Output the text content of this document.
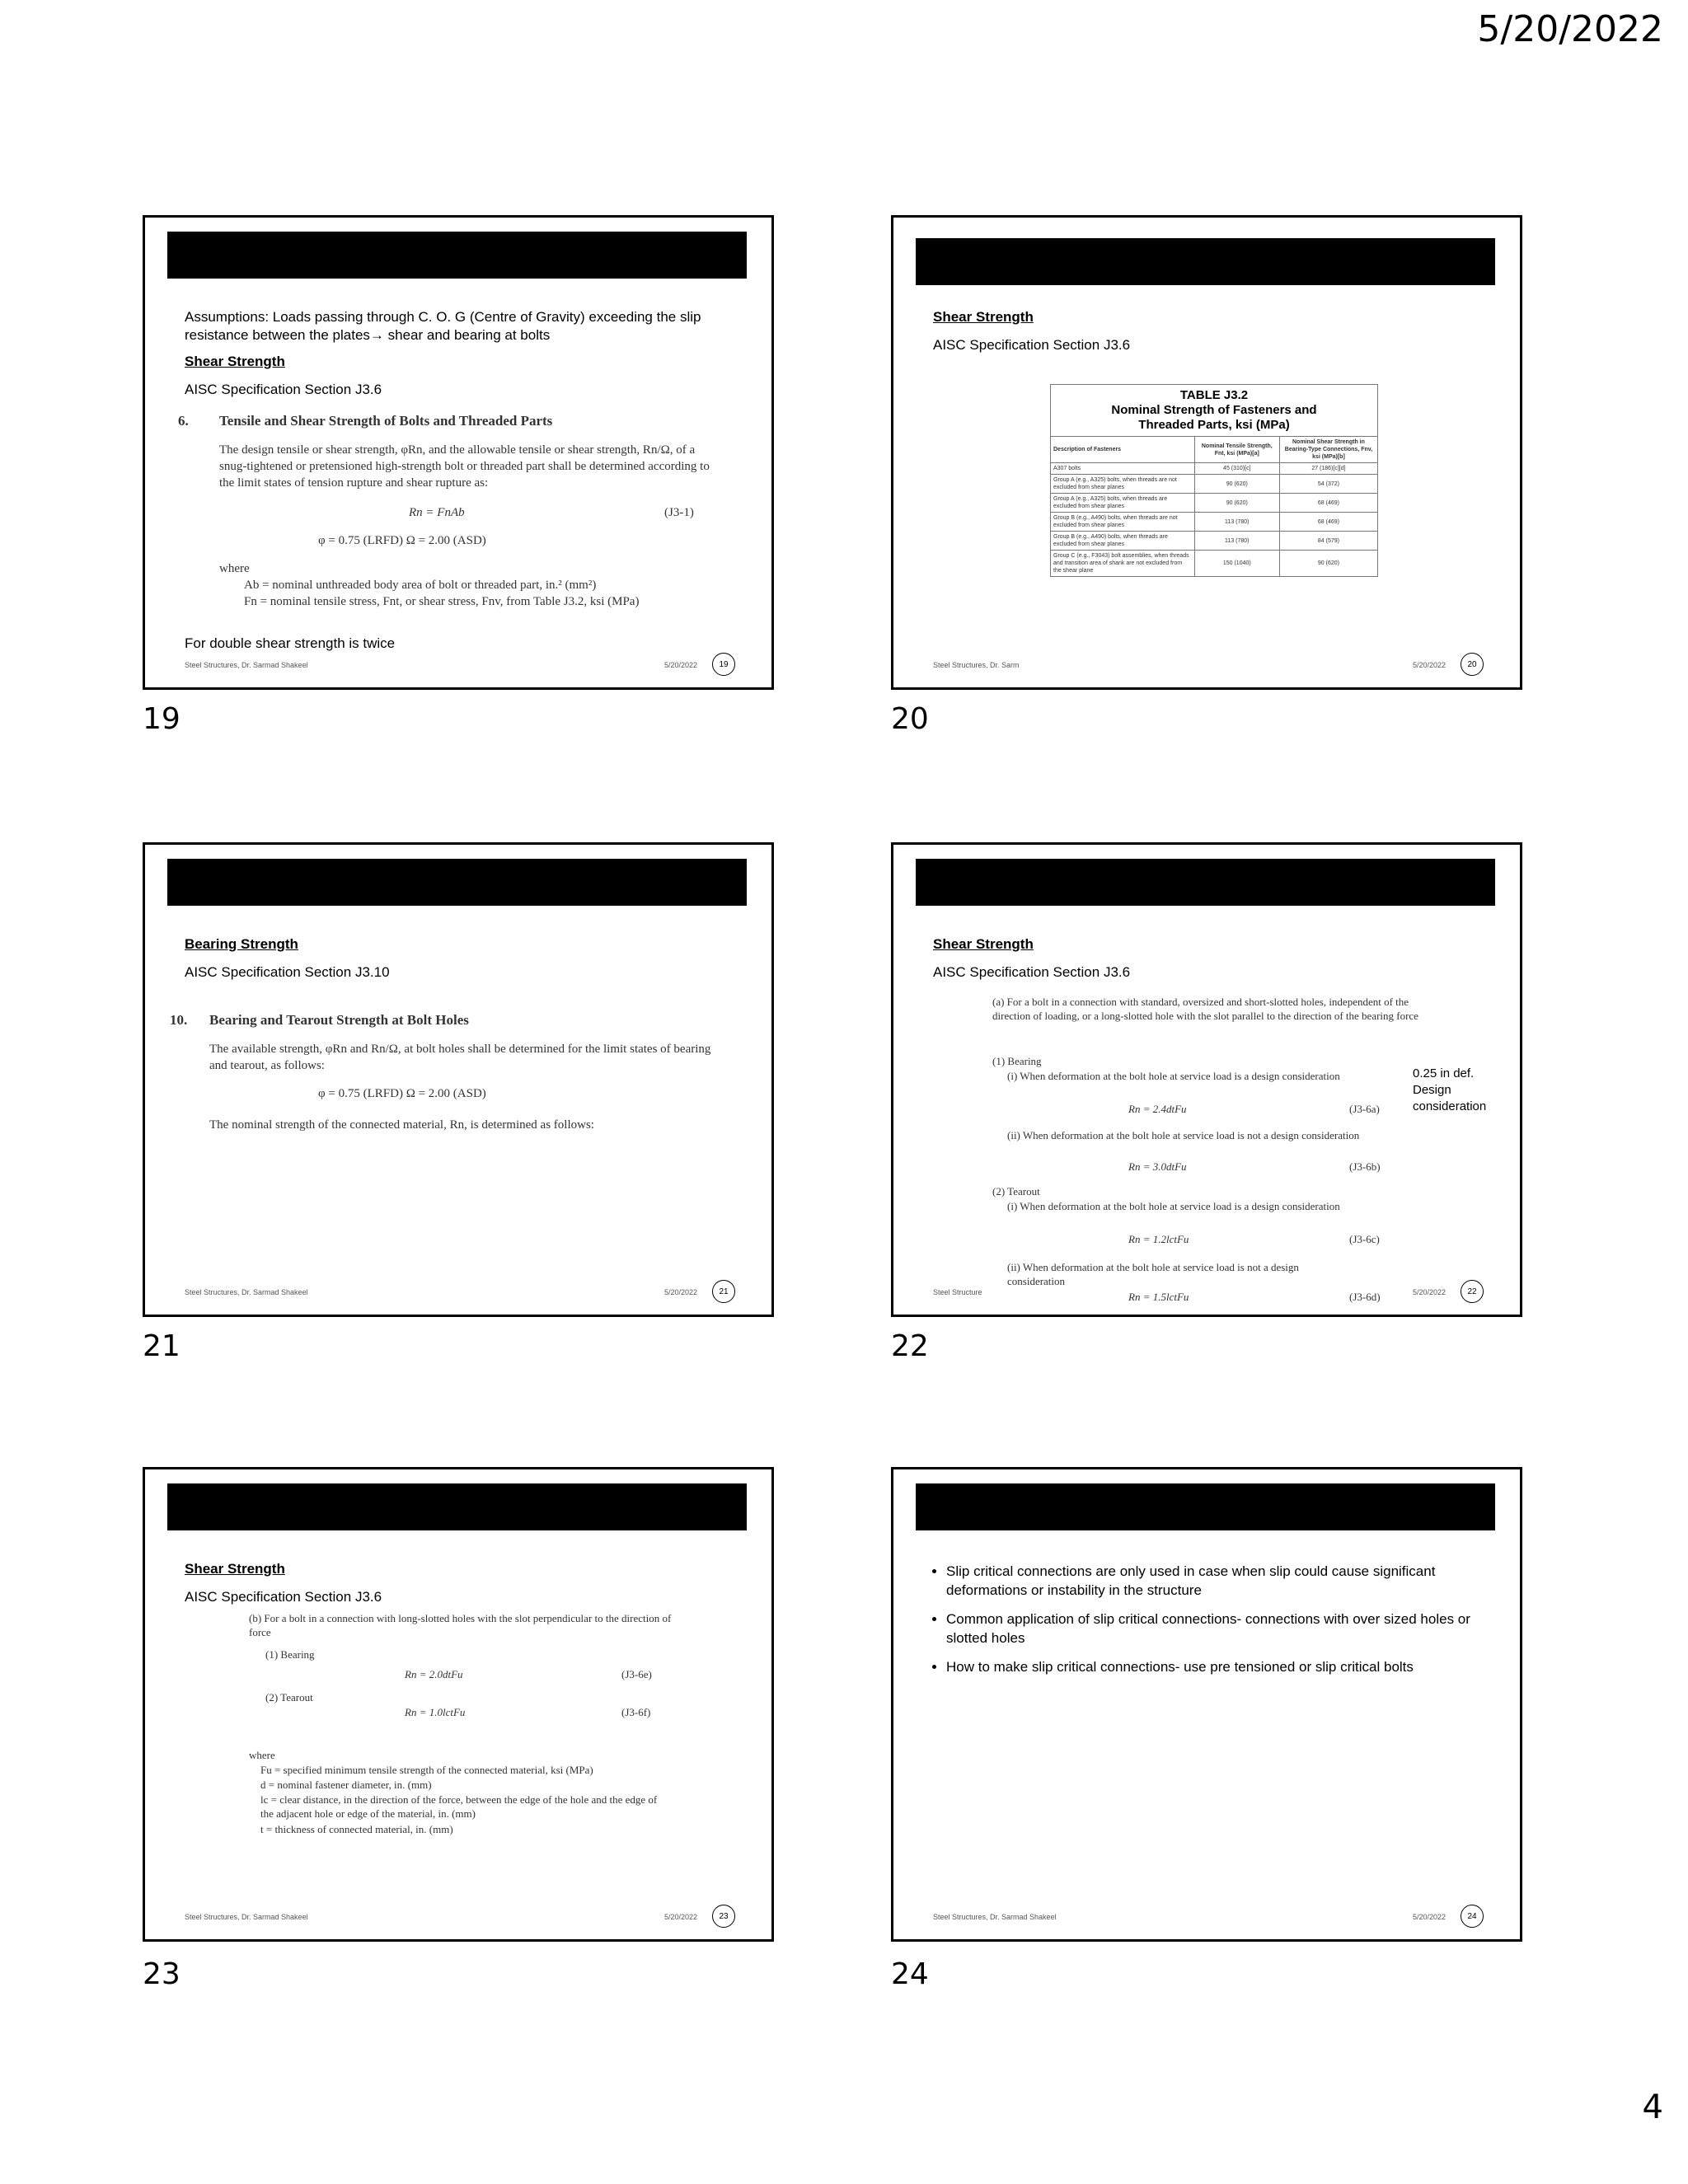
5/20/2022
Assumptions: Loads passing through C. O. G (Centre of Gravity) exceeding the slip resistance between the plates→ shear and bearing at bolts
Shear Strength
AISC Specification Section J3.6
6. Tensile and Shear Strength of Bolts and Threaded Parts
The design tensile or shear strength, φRn, and the allowable tensile or shear strength, Rn/Ω, of a snug-tightened or pretensioned high-strength bolt or threaded part shall be determined according to the limit states of tension rupture and shear rupture as:
Rn = FnAb	(J3-1)
φ = 0.75 (LRFD) Ω = 2.00 (ASD)
where
Ab = nominal unthreaded body area of bolt or threaded part, in.² (mm²)
Fn = nominal tensile stress, Fnt, or shear stress, Fnv, from Table J3.2, ksi (MPa)
For double shear strength is twice
Steel Structures, Dr. Sarmad Shakeel	5/20/2022	19
19
Shear Strength
AISC Specification Section J3.6
TABLE J3.2
Nominal Strength of Fasteners and
Threaded Parts, ksi (MPa)		

Description of Fasteners	Nominal Tensile Strength, Fnt, ksi (MPa)[a]	Nominal Shear Strength in Bearing-Type Connections, Fnv, ksi (MPa)[b]
A307 bolts	45 (310)[c]	27 (186)[c][d]
Group A (e.g., A325) bolts, when threads are not excluded from shear planes	90 (620)	54 (372)
Group A (e.g., A325) bolts, when threads are excluded from shear planes	90 (620)	68 (469)
Group B (e.g., A490) bolts, when threads are not excluded from shear planes	113 (780)	68 (469)
Group B (e.g., A490) bolts, when threads are excluded from shear planes	113 (780)	84 (579)
Group C (e.g., F3043) bolt assemblies, when threads and transition area of shank are not excluded from the shear plane	150 (1040)	90 (620)
Steel Structures, Dr. Sarm	5/20/2022	20
20
Bearing Strength
AISC Specification Section J3.10
10. Bearing and Tearout Strength at Bolt Holes
The available strength, φRn and Rn/Ω, at bolt holes shall be determined for the limit states of bearing and tearout, as follows:
φ = 0.75 (LRFD) Ω = 2.00 (ASD)
The nominal strength of the connected material, Rn, is determined as follows:
Steel Structures, Dr. Sarmad Shakeel	5/20/2022	21
21
Shear Strength
AISC Specification Section J3.6
(a) For a bolt in a connection with standard, oversized and short-slotted holes, independent of the direction of loading, or a long-slotted hole with the slot parallel to the direction of the bearing force
(1) Bearing
(i) When deformation at the bolt hole at service load is a design consideration
Rn = 2.4dtFu	(J3-6a)
(ii) When deformation at the bolt hole at service load is not a design consideration
Rn = 3.0dtFu	(J3-6b)
(2) Tearout
(i) When deformation at the bolt hole at service load is a design consideration
Rn = 1.2lctFu	(J3-6c)
(ii) When deformation at the bolt hole at service load is not a design consideration
Rn = 1.5lctFu	(J3-6d)
0.25 in def. Design consideration
Steel Structure	5/20/2022	22
22
Shear Strength
AISC Specification Section J3.6
(b) For a bolt in a connection with long-slotted holes with the slot perpendicular to the direction of force
(1) Bearing
Rn = 2.0dtFu	(J3-6e)
(2) Tearout
Rn = 1.0lctFu	(J3-6f)
where
Fu = specified minimum tensile strength of the connected material, ksi (MPa)
d = nominal fastener diameter, in. (mm)
lc = clear distance, in the direction of the force, between the edge of the hole and the edge of the adjacent hole or edge of the material, in. (mm)
t = thickness of connected material, in. (mm)
Steel Structures, Dr. Sarmad Shakeel	5/20/2022	23
23
• Slip critical connections are only used in case when slip could cause significant deformations or instability in the structure
• Common application of slip critical connections- connections with over sized holes or slotted holes
• How to make slip critical connections- use pre tensioned or slip critical bolts
Steel Structures, Dr. Sarmad Shakeel	5/20/2022	24
24
4
